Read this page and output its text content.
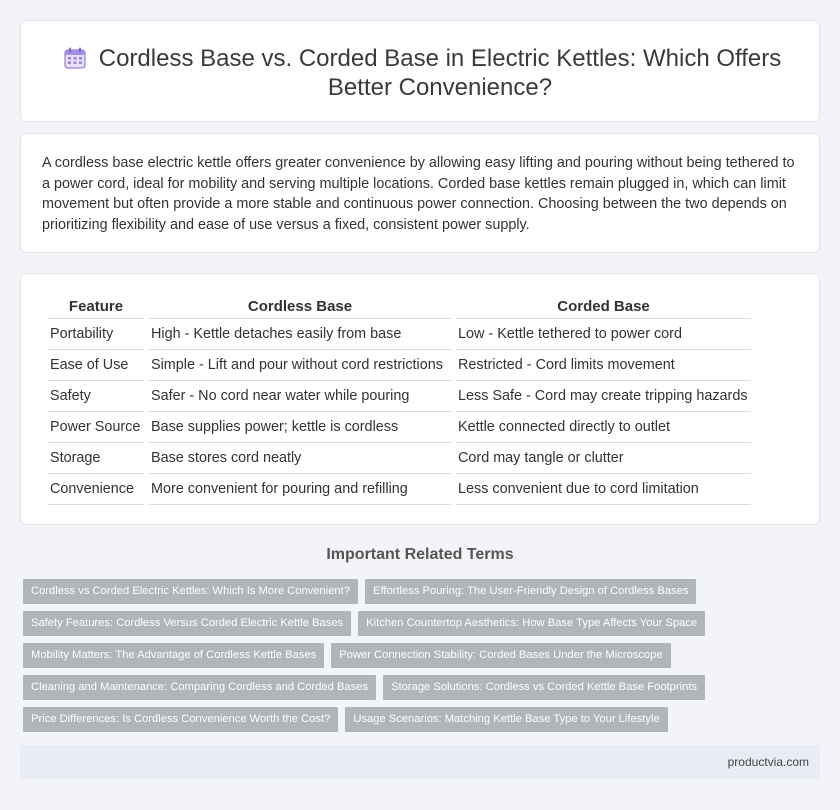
Cordless Base vs. Corded Base in Electric Kettles: Which Offers Better Convenience?

A cordless base electric kettle offers greater convenience by allowing easy lifting and pouring without being tethered to a power cord, ideal for mobility and serving multiple locations. Corded base kettles remain plugged in, which can limit movement but often provide a more stable and continuous power connection. Choosing between the two depends on prioritizing flexibility and ease of use versus a fixed, consistent power supply.

Feature	Cordless Base	Corded Base
Portability	High - Kettle detaches easily from base	Low - Kettle tethered to power cord
Ease of Use	Simple - Lift and pour without cord restrictions	Restricted - Cord limits movement
Safety	Safer - No cord near water while pouring	Less Safe - Cord may create tripping hazards
Power Source	Base supplies power; kettle is cordless	Kettle connected directly to outlet
Storage	Base stores cord neatly	Cord may tangle or clutter
Convenience	More convenient for pouring and refilling	Less convenient due to cord limitation
Important Related Terms
Cordless vs Corded Electric Kettles: Which Is More Convenient?	Effortless Pouring: The User-Friendly Design of Cordless Bases
Safety Features: Cordless Versus Corded Electric Kettle Bases	Kitchen Countertop Aesthetics: How Base Type Affects Your Space
Mobility Matters: The Advantage of Cordless Kettle Bases	Power Connection Stability: Corded Bases Under the Microscope
Cleaning and Maintenance: Comparing Cordless and Corded Bases	Storage Solutions: Cordless vs Corded Kettle Base Footprints
Price Differences: Is Cordless Convenience Worth the Cost?	Usage Scenarios: Matching Kettle Base Type to Your Lifestyle
productvia.com
